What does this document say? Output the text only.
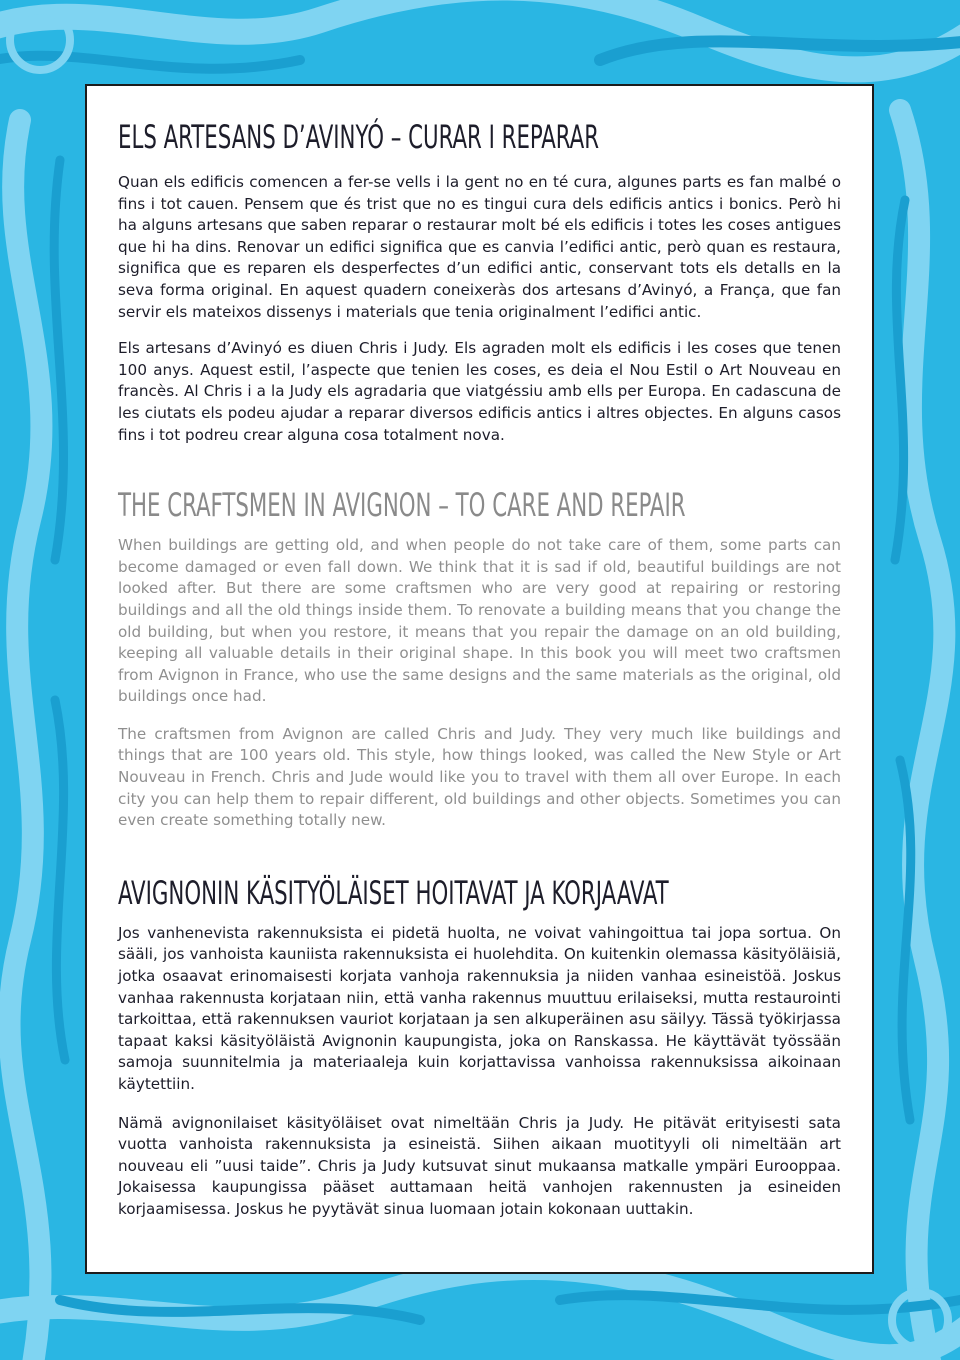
ELS ARTESANS D’AVINYÓ – CURAR I REPARAR

Quan els edificis comencen a fer-se vells i la gent no en té cura, algunes parts es fan malbé o fins i tot cauen. Pensem que és trist que no es tingui cura dels edificis antics i bonics. Però hi ha alguns artesans que saben reparar o restaurar molt bé els edificis i totes les coses antigues que hi ha dins. Renovar un edifici significa que es canvia l’edifici antic, però quan es restaura, significa que es reparen els desperfectes d’un edifici antic, conservant tots els detalls en la seva forma original. En aquest quadern coneixeràs dos artesans d’Avinyó, a França, que fan servir els mateixos dissenys i materials que tenia originalment l’edifici antic.

Els artesans d’Avinyó es diuen Chris i Judy. Els agraden molt els edificis i les coses que tenen 100 anys. Aquest estil, l’aspecte que tenien les coses, es deia el Nou Estil o Art Nouveau en francès. Al Chris i a la Judy els agradaria que viatgéssiu amb ells per Europa. En cadascuna de les ciutats els podeu ajudar a reparar diversos edificis antics i altres objectes. En alguns casos fins i tot podreu crear alguna cosa totalment nova.

THE CRAFTSMEN IN AVIGNON – TO CARE AND REPAIR

When buildings are getting old, and when people do not take care of them, some parts can become damaged or even fall down. We think that it is sad if old, beautiful buildings are not looked after. But there are some craftsmen who are very good at repairing or restoring buildings and all the old things inside them. To renovate a building means that you change the old building, but when you restore, it means that you repair the damage on an old building, keeping all valuable details in their original shape. In this book you will meet two craftsmen from Avignon in France, who use the same designs and the same materials as the original, old buildings once had.

The craftsmen from Avignon are called Chris and Judy. They very much like buildings and things that are 100 years old. This style, how things looked, was called the New Style or Art Nouveau in French. Chris and Jude would like you to travel with them all over Europe. In each city you can help them to repair different, old buildings and other objects. Sometimes you can even create something totally new.

AVIGNONIN KÄSITYÖLÄISET HOITAVAT JA KORJAAVAT

Jos vanhenevista rakennuksista ei pidetä huolta, ne voivat vahingoittua tai jopa sortua. On sääli, jos vanhoista kauniista rakennuksista ei huolehdita. On kuitenkin olemassa käsityöläisiä, jotka osaavat erinomaisesti korjata vanhoja rakennuksia ja niiden vanhaa esineistöä. Joskus vanhaa rakennusta korjataan niin, että vanha rakennus muuttuu erilaiseksi, mutta restaurointi tarkoittaa, että rakennuksen vauriot korjataan ja sen alkuperäinen asu säilyy. Tässä työkirjassa tapaat kaksi käsityöläistä Avignonin kaupungista, joka on Ranskassa. He käyttävät työssään samoja suunnitelmia ja materiaaleja kuin korjattavissa vanhoissa rakennuksissa aikoinaan käytettiin.

Nämä avignonilaiset käsityöläiset ovat nimeltään Chris ja Judy. He pitävät erityisesti sata vuotta vanhoista rakennuksista ja esineistä. Siihen aikaan muotityyli oli nimeltään art nouveau eli ”uusi taide”. Chris ja Judy kutsuvat sinut mukaansa matkalle ympäri Eurooppaa. Jokaisessa kaupungissa pääset auttamaan heitä vanhojen rakennusten ja esineiden korjaamisessa. Joskus he pyytävät sinua luomaan jotain kokonaan uuttakin.
